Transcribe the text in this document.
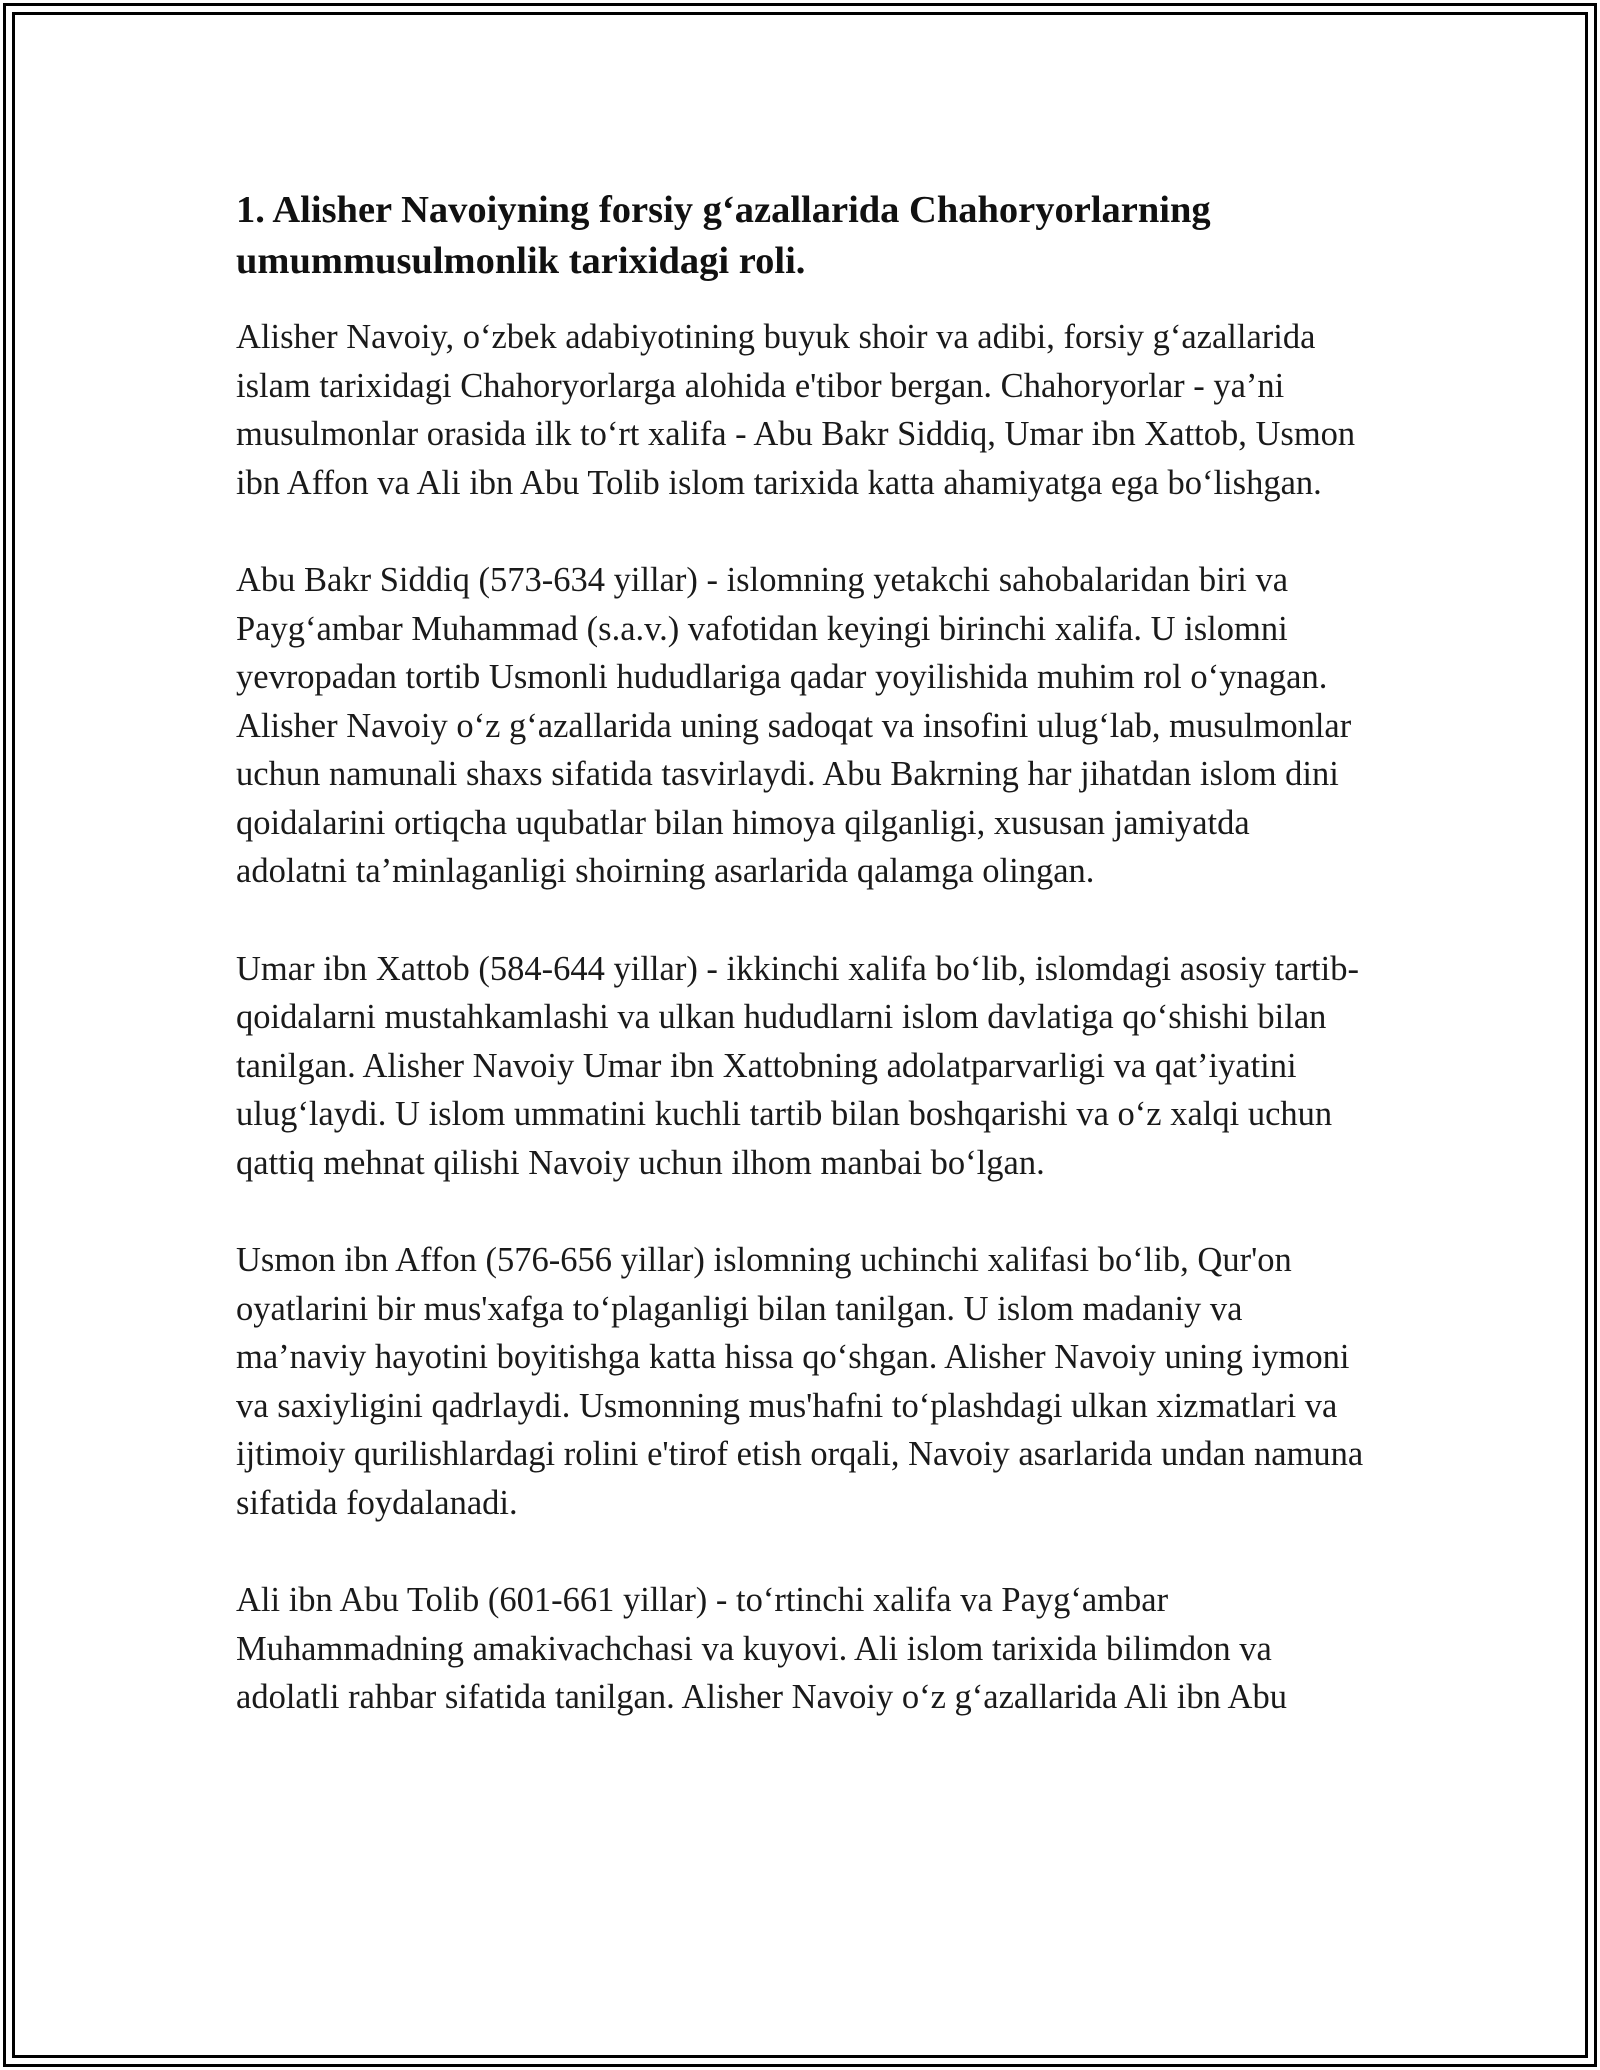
1. Alisher Navoiyning forsiy g‘azallarida Chahoryorlarning umummusulmonlik tarixidagi roli.

Alisher Navoiy, o‘zbek adabiyotining buyuk shoir va adibi, forsiy g‘azallarida islam tarixidagi Chahoryorlarga alohida e'tibor bergan. Chahoryorlar - ya’ni musulmonlar orasida ilk to‘rt xalifa - Abu Bakr Siddiq, Umar ibn Xattob, Usmon ibn Affon va Ali ibn Abu Tolib islom tarixida katta ahamiyatga ega bo‘lishgan.

Abu Bakr Siddiq (573-634 yillar) - islomning yetakchi sahobalaridan biri va Payg‘ambar Muhammad (s.a.v.) vafotidan keyingi birinchi xalifa. U islomni yevropadan tortib Usmonli hududlariga qadar yoyilishida muhim rol o‘ynagan. Alisher Navoiy o‘z g‘azallarida uning sadoqat va insofini ulug‘lab, musulmonlar uchun namunali shaxs sifatida tasvirlaydi. Abu Bakrning har jihatdan islom dini qoidalarini ortiqcha uqubatlar bilan himoya qilganligi, xususan jamiyatda adolatni ta’minlaganligi shoirning asarlarida qalamga olingan.

Umar ibn Xattob (584-644 yillar) - ikkinchi xalifa bo‘lib, islomdagi asosiy tartib-qoidalarni mustahkamlashi va ulkan hududlarni islom davlatiga qo‘shishi bilan tanilgan. Alisher Navoiy Umar ibn Xattobning adolatparvarligi va qat’iyatini ulug‘laydi. U islom ummatini kuchli tartib bilan boshqarishi va o‘z xalqi uchun qattiq mehnat qilishi Navoiy uchun ilhom manbai bo‘lgan.

Usmon ibn Affon (576-656 yillar) islomning uchinchi xalifasi bo‘lib, Qur'on oyatlarini bir mus'xafga to‘plaganligi bilan tanilgan. U islom madaniy va ma’naviy hayotini boyitishga katta hissa qo‘shgan. Alisher Navoiy uning iymoni va saxiyligini qadrlaydi. Usmonning mus'hafni to‘plashdagi ulkan xizmatlari va ijtimoiy qurilishlardagi rolini e'tirof etish orqali, Navoiy asarlarida undan namuna sifatida foydalanadi.

Ali ibn Abu Tolib (601-661 yillar) - to‘rtinchi xalifa va Payg‘ambar Muhammadning amakivachchasi va kuyovi. Ali islom tarixida bilimdon va adolatli rahbar sifatida tanilgan. Alisher Navoiy o‘z g‘azallarida Ali ibn Abu
